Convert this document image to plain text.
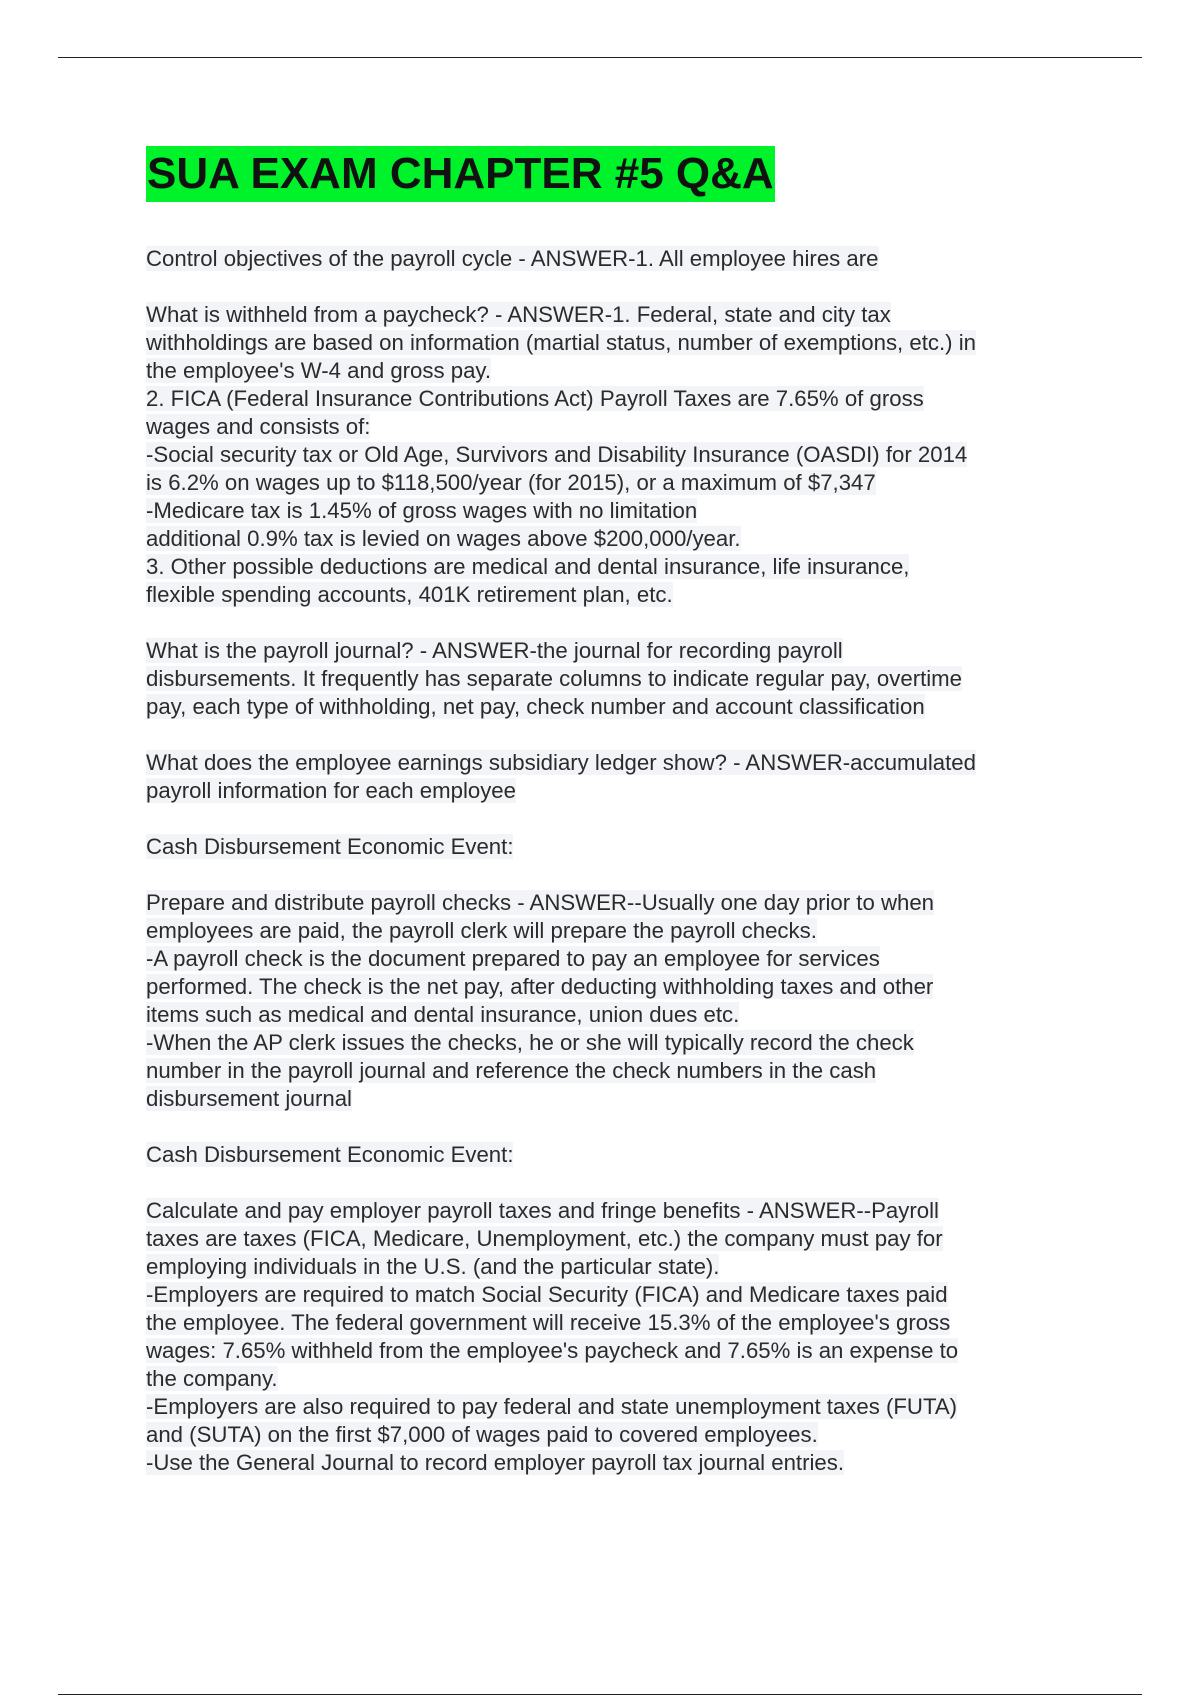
SUA EXAM CHAPTER #5 Q&A
Control objectives of the payroll cycle - ANSWER-1. All employee hires are
What is withheld from a paycheck? - ANSWER-1. Federal, state and city tax
withholdings are based on information (martial status, number of exemptions, etc.) in
the employee's W-4 and gross pay.
2. FICA (Federal Insurance Contributions Act) Payroll Taxes are 7.65% of gross
wages and consists of:
-Social security tax or Old Age, Survivors and Disability Insurance (OASDI) for 2014
is 6.2% on wages up to $118,500/year (for 2015), or a maximum of $7,347
-Medicare tax is 1.45% of gross wages with no limitation
additional 0.9% tax is levied on wages above $200,000/year.
3. Other possible deductions are medical and dental insurance, life insurance,
flexible spending accounts, 401K retirement plan, etc.
What is the payroll journal? - ANSWER-the journal for recording payroll
disbursements. It frequently has separate columns to indicate regular pay, overtime
pay, each type of withholding, net pay, check number and account classification
What does the employee earnings subsidiary ledger show? - ANSWER-accumulated
payroll information for each employee
Cash Disbursement Economic Event:
Prepare and distribute payroll checks - ANSWER--Usually one day prior to when
employees are paid, the payroll clerk will prepare the payroll checks.
-A payroll check is the document prepared to pay an employee for services
performed. The check is the net pay, after deducting withholding taxes and other
items such as medical and dental insurance, union dues etc.
-When the AP clerk issues the checks, he or she will typically record the check
number in the payroll journal and reference the check numbers in the cash
disbursement journal
Cash Disbursement Economic Event:
Calculate and pay employer payroll taxes and fringe benefits - ANSWER--Payroll
taxes are taxes (FICA, Medicare, Unemployment, etc.) the company must pay for
employing individuals in the U.S. (and the particular state).
-Employers are required to match Social Security (FICA) and Medicare taxes paid
the employee. The federal government will receive 15.3% of the employee's gross
wages: 7.65% withheld from the employee's paycheck and 7.65% is an expense to
the company.
-Employers are also required to pay federal and state unemployment taxes (FUTA)
and (SUTA) on the first $7,000 of wages paid to covered employees.
-Use the General Journal to record employer payroll tax journal entries.
